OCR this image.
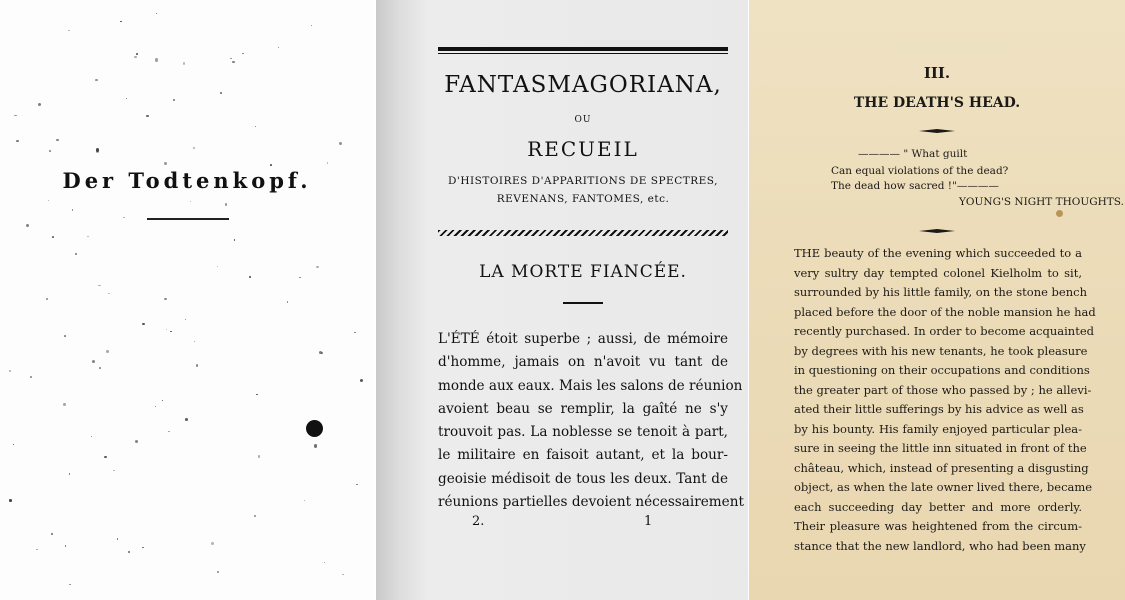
Der Todtenkopf.
FANTASMAGORIANA,
OU
RECUEIL
D'HISTOIRES D'APPARITIONS DE SPECTRES,
REVENANS, FANTOMES, etc.
LA MORTE FIANCÉE.
L'ÉTÉ étoit superbe ; aussi, de mémoire
d'homme, jamais on n'avoit vu tant de
monde aux eaux. Mais les salons de réunion
avoient beau se remplir, la gaîté ne s'y
trouvoit pas. La noblesse se tenoit à part,
le militaire en faisoit autant, et la bour-
geoisie médisoit de tous les deux. Tant de
réunions partielles devoient nécessairement
2.	1
III.
THE DEATH'S HEAD.
———— " What guilt
Can equal violations of the dead?
The dead how sacred !"————
YOUNG'S NIGHT THOUGHTS.
THE beauty of the evening which succeeded to a
very sultry day tempted colonel Kielholm to sit,
surrounded by his little family, on the stone bench
placed before the door of the noble mansion he had
recently purchased. In order to become acquainted
by degrees with his new tenants, he took pleasure
in questioning on their occupations and conditions
the greater part of those who passed by ; he allevi-
ated their little sufferings by his advice as well as
by his bounty. His family enjoyed particular plea-
sure in seeing the little inn situated in front of the
château, which, instead of presenting a disgusting
object, as when the late owner lived there, became
each succeeding day better and more orderly.
Their pleasure was heightened from the circum-
stance that the new landlord, who had been many
